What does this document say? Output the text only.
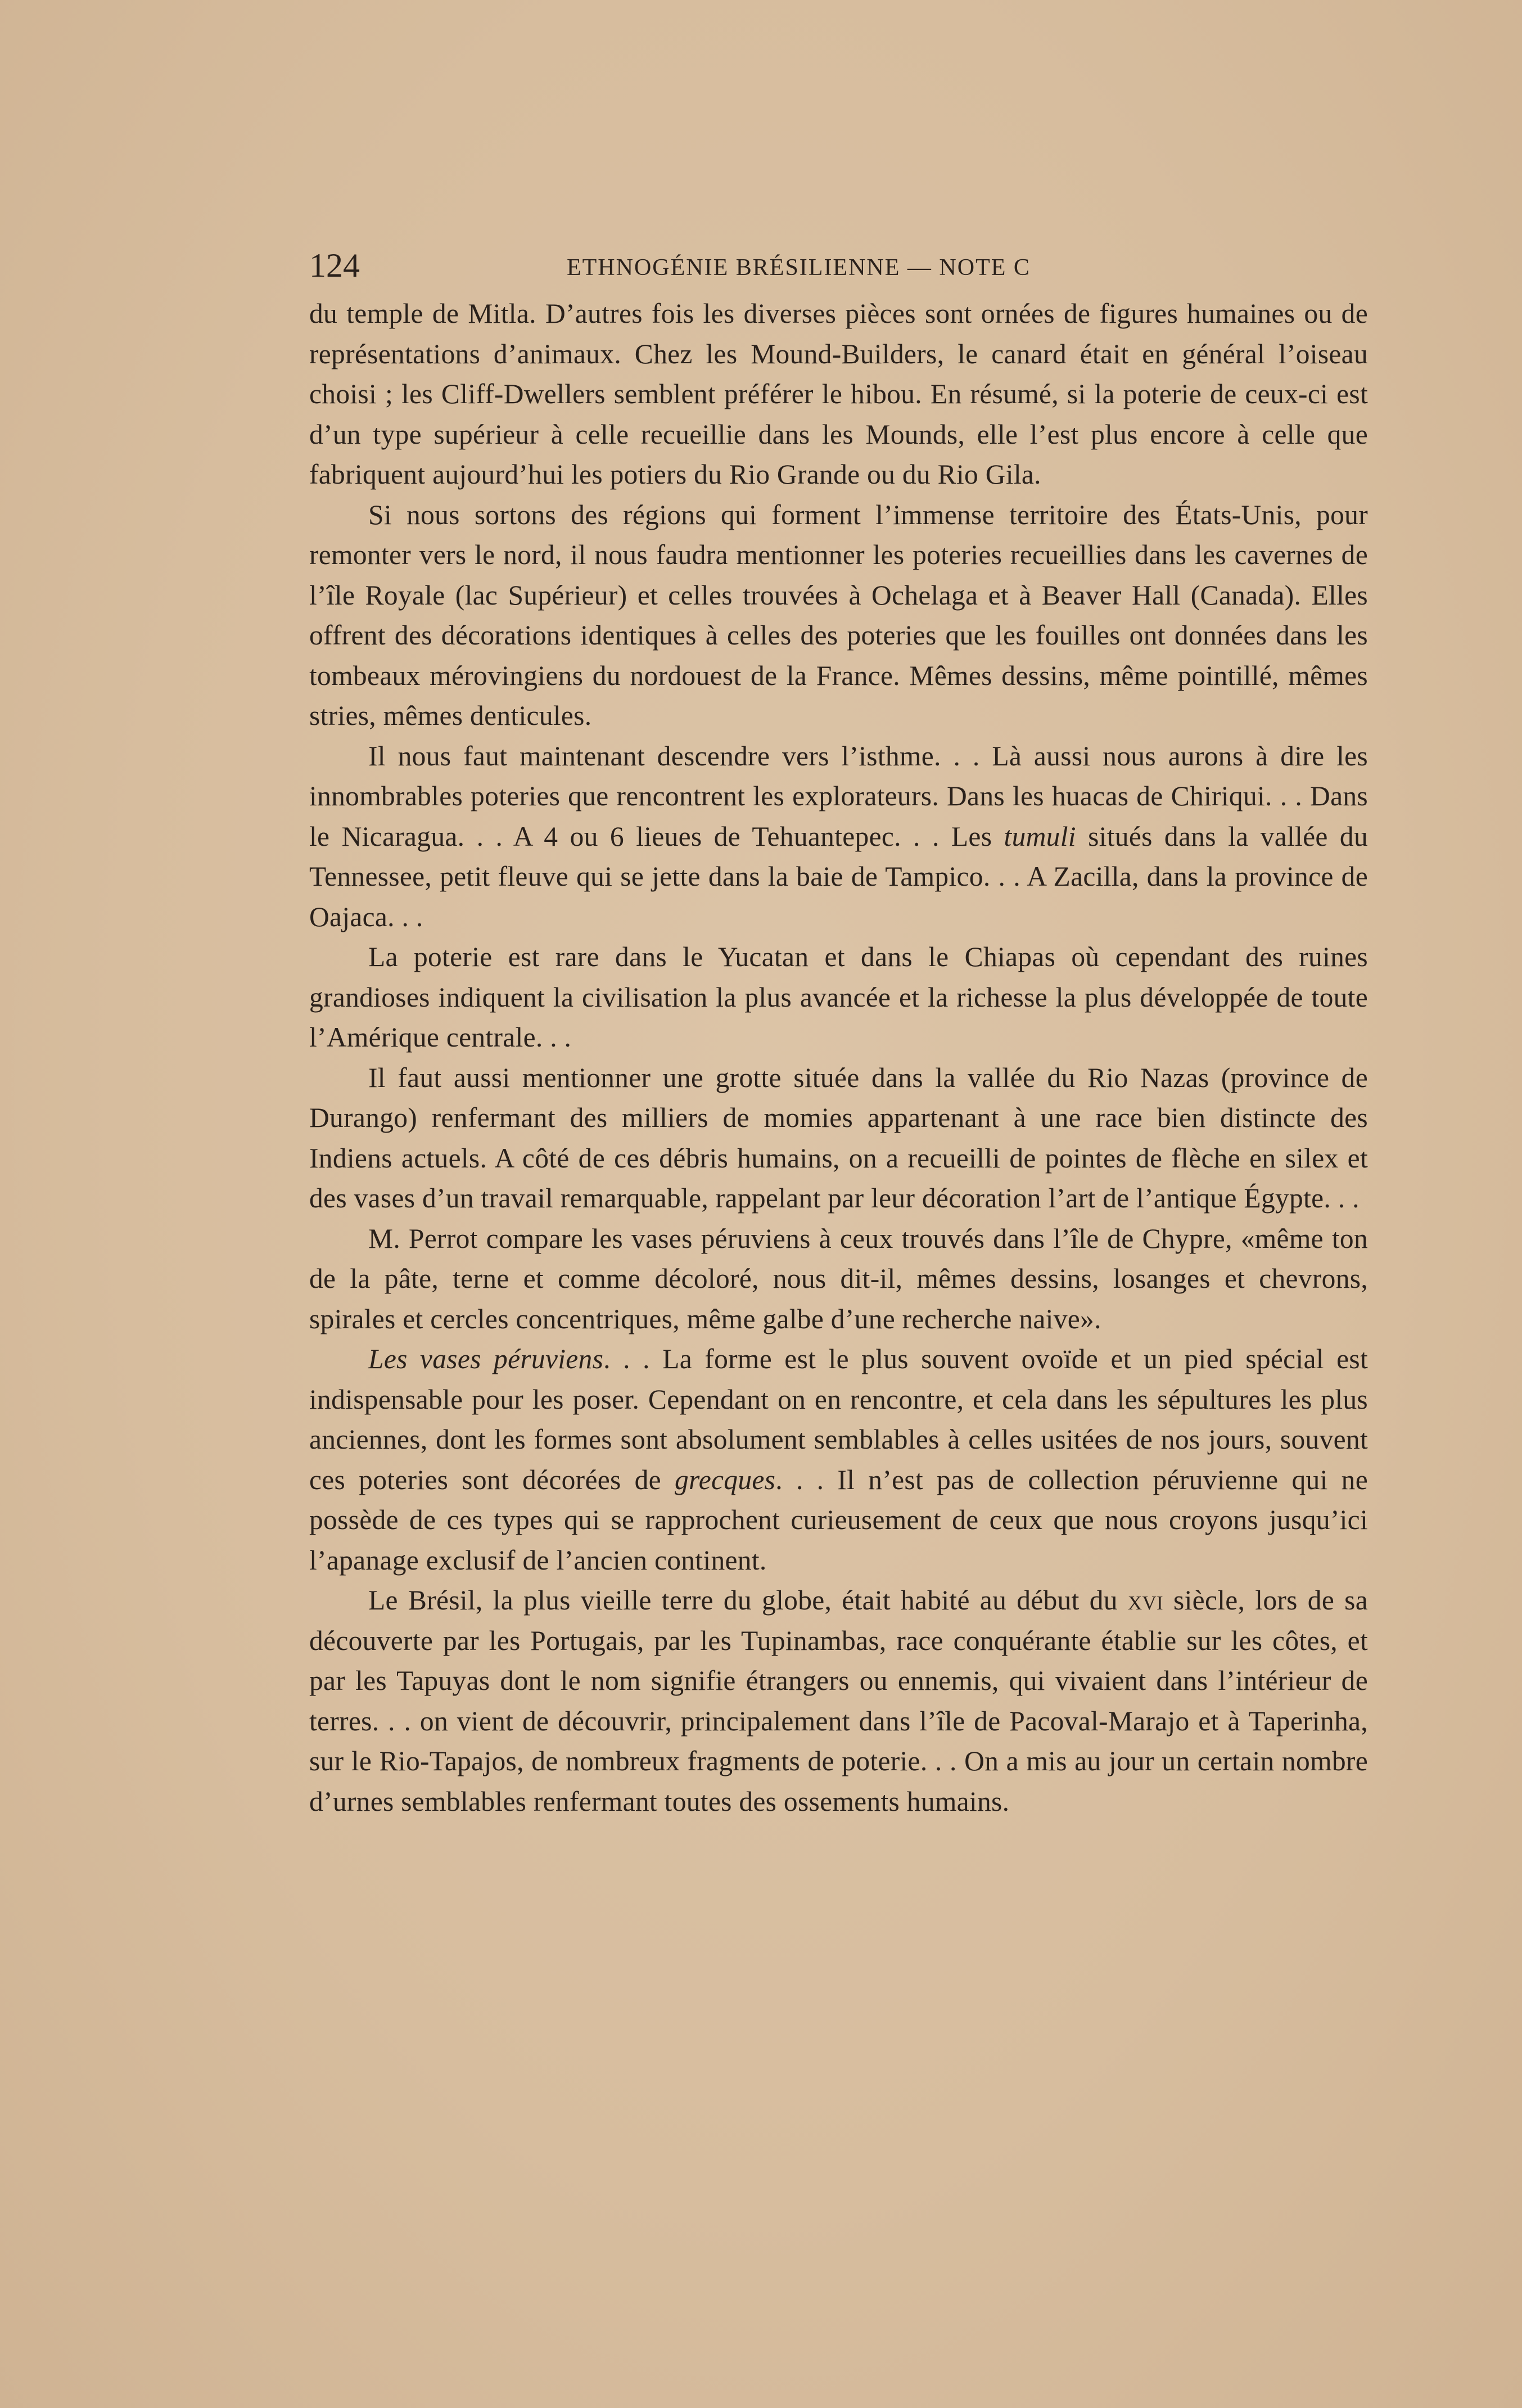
124	ETHNOGÉNIE BRÉSILIENNE — NOTE C

du temple de Mitla. D’autres fois les diverses pièces sont ornées de figures humaines ou de représentations d’animaux. Chez les Mound-Builders, le canard était en général l’oiseau choisi ; les Cliff-Dwellers semblent préférer le hibou. En résumé, si la poterie de ceux-ci est d’un type supérieur à celle recueillie dans les Mounds, elle l’est plus encore à celle que fabriquent aujourd’hui les potiers du Rio Grande ou du Rio Gila.

Si nous sortons des régions qui forment l’immense territoire des États-Unis, pour remonter vers le nord, il nous faudra mentionner les poteries recueillies dans les cavernes de l’île Royale (lac Supérieur) et celles trouvées à Ochelaga et à Beaver Hall (Canada). Elles offrent des décorations identiques à celles des poteries que les fouilles ont données dans les tombeaux mérovingiens du nordouest de la France. Mêmes dessins, même pointillé, mêmes stries, mêmes denticules.

Il nous faut maintenant descendre vers l’isthme. . . Là aussi nous aurons à dire les innombrables poteries que rencontrent les explorateurs. Dans les huacas de Chiriqui. . . Dans le Nicaragua. . . A 4 ou 6 lieues de Tehuantepec. . . Les tumuli situés dans la vallée du Tennessee, petit fleuve qui se jette dans la baie de Tampico. . . A Zacilla, dans la province de Oajaca. . .

La poterie est rare dans le Yucatan et dans le Chiapas où cependant des ruines grandioses indiquent la civilisation la plus avancée et la richesse la plus développée de toute l’Amérique centrale. . .

Il faut aussi mentionner une grotte située dans la vallée du Rio Nazas (province de Durango) renfermant des milliers de momies appartenant à une race bien distincte des Indiens actuels. A côté de ces débris humains, on a recueilli de pointes de flèche en silex et des vases d’un travail remarquable, rappelant par leur décoration l’art de l’antique Égypte. . .

M. Perrot compare les vases péruviens à ceux trouvés dans l’île de Chypre, «même ton de la pâte, terne et comme décoloré, nous dit-il, mêmes dessins, losanges et chevrons, spirales et cercles concentriques, même galbe d’une recherche naive».

Les vases péruviens. . . La forme est le plus souvent ovoïde et un pied spécial est indispensable pour les poser. Cependant on en rencontre, et cela dans les sépultures les plus anciennes, dont les formes sont absolument semblables à celles usitées de nos jours, souvent ces poteries sont décorées de grecques. . . Il n’est pas de collection péruvienne qui ne possède de ces types qui se rapprochent curieusement de ceux que nous croyons jusqu’ici l’apanage exclusif de l’ancien continent.

Le Brésil, la plus vieille terre du globe, était habité au début du xvi siècle, lors de sa découverte par les Portugais, par les Tupinambas, race conquérante établie sur les côtes, et par les Tapuyas dont le nom signifie étrangers ou ennemis, qui vivaient dans l’intérieur de terres. . . on vient de découvrir, principalement dans l’île de Pacoval-Marajo et à Taperinha, sur le Rio-Tapajos, de nombreux fragments de poterie. . . On a mis au jour un certain nombre d’urnes semblables renfermant toutes des ossements humains.
